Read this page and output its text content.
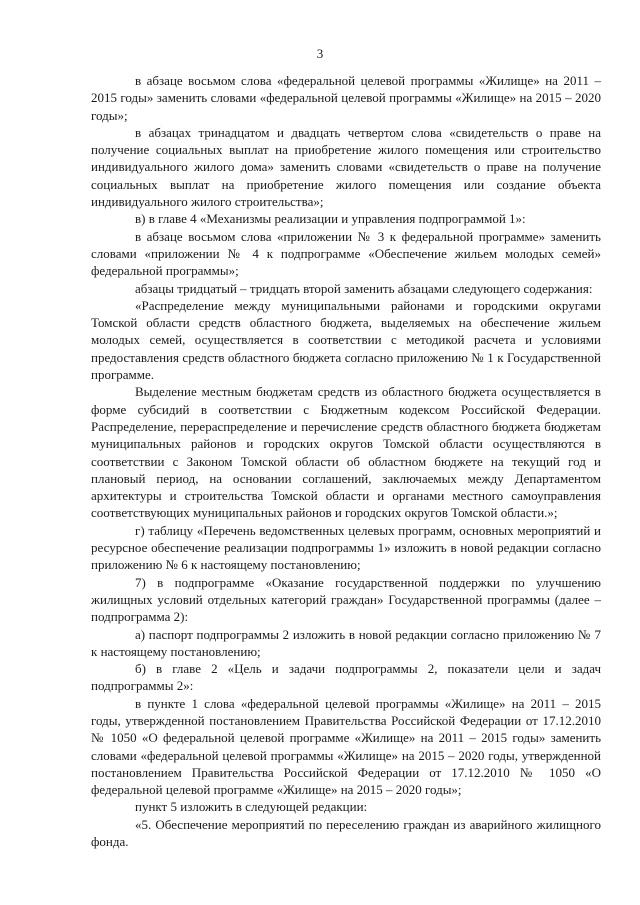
3

в абзаце восьмом слова «федеральной целевой программы «Жилище» на 2011 – 2015 годы» заменить словами «федеральной целевой программы «Жилище» на 2015 – 2020 годы»;

в абзацах тринадцатом и двадцать четвертом слова «свидетельств о праве на получение социальных выплат на приобретение жилого помещения или строительство индивидуального жилого дома» заменить словами «свидетельств о праве на получение социальных выплат на приобретение жилого помещения или создание объекта индивидуального жилого строительства»;

в) в главе 4 «Механизмы реализации и управления подпрограммой 1»:

в абзаце восьмом слова «приложении № 3 к федеральной программе» заменить словами «приложении № 4 к подпрограмме «Обеспечение жильем молодых семей» федеральной программы»;

абзацы тридцатый – тридцать второй заменить абзацами следующего содержания:

«Распределение между муниципальными районами и городскими округами Томской области средств областного бюджета, выделяемых на обеспечение жильем молодых семей, осуществляется в соответствии с методикой расчета и условиями предоставления средств областного бюджета согласно приложению № 1 к Государственной программе.

Выделение местным бюджетам средств из областного бюджета осуществляется в форме субсидий в соответствии с Бюджетным кодексом Российской Федерации. Распределение, перераспределение и перечисление средств областного бюджета бюджетам муниципальных районов и городских округов Томской области осуществляются в соответствии с Законом Томской области об областном бюджете на текущий год и плановый период, на основании соглашений, заключаемых между Департаментом архитектуры и строительства Томской области и органами местного самоуправления соответствующих муниципальных районов и городских округов Томской области.»;

г) таблицу «Перечень ведомственных целевых программ, основных мероприятий и ресурсное обеспечение реализации подпрограммы 1» изложить в новой редакции согласно приложению № 6 к настоящему постановлению;

7) в подпрограмме «Оказание государственной поддержки по улучшению жилищных условий отдельных категорий граждан» Государственной программы (далее – подпрограмма 2):

а) паспорт подпрограммы 2 изложить в новой редакции согласно приложению № 7 к настоящему постановлению;

б) в главе 2 «Цель и задачи подпрограммы 2, показатели цели и задач подпрограммы 2»:

в пункте 1 слова «федеральной целевой программы «Жилище» на 2011 – 2015 годы, утвержденной постановлением Правительства Российской Федерации от 17.12.2010 № 1050 «О федеральной целевой программе «Жилище» на 2011 – 2015 годы» заменить словами «федеральной целевой программы «Жилище» на 2015 – 2020 годы, утвержденной постановлением Правительства Российской Федерации от 17.12.2010 № 1050 «О федеральной целевой программе «Жилище» на 2015 – 2020 годы»;

пункт 5 изложить в следующей редакции:

«5. Обеспечение мероприятий по переселению граждан из аварийного жилищного фонда.
